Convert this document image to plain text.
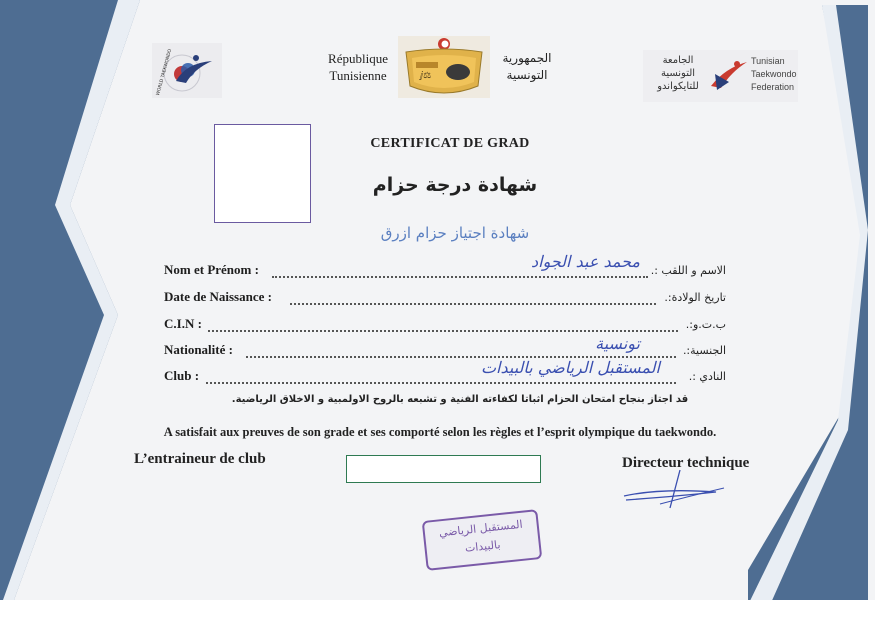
WORLD TAEKWONDO	République
Tunisienne	ⅉ⚖
الجمهورية
التونسية
الجامعة
التونسية
للتايكواندو
Tunisian
Taekwondo
Federation
CERTIFICAT DE GRAD
شهادة درجة حزام
شهادة اجتياز حزام ازرق
Nom et Prénom :	الاسم و اللقب :.
محمد عبد الجواد
Date de Naissance :	تاريخ الولادة:.
C.I.N :	ب.ت.و:.
Nationalité :	الجنسية:.
تونسية
Club :	النادي :.
المستقبل الرياضي بالبيدات
قد اجتاز بنجاح امتحان الحزام اثباتا لكفاءته الفنية و تشبعه بالروح الاولمبية و الاخلاق الرياضية.
A satisfait aux preuves de son grade et ses comporté selon les règles et l’esprit olympique du taekwondo.
L’entraineur de club	Directeur technique
المستقبل الرياضي
بالبيدات
